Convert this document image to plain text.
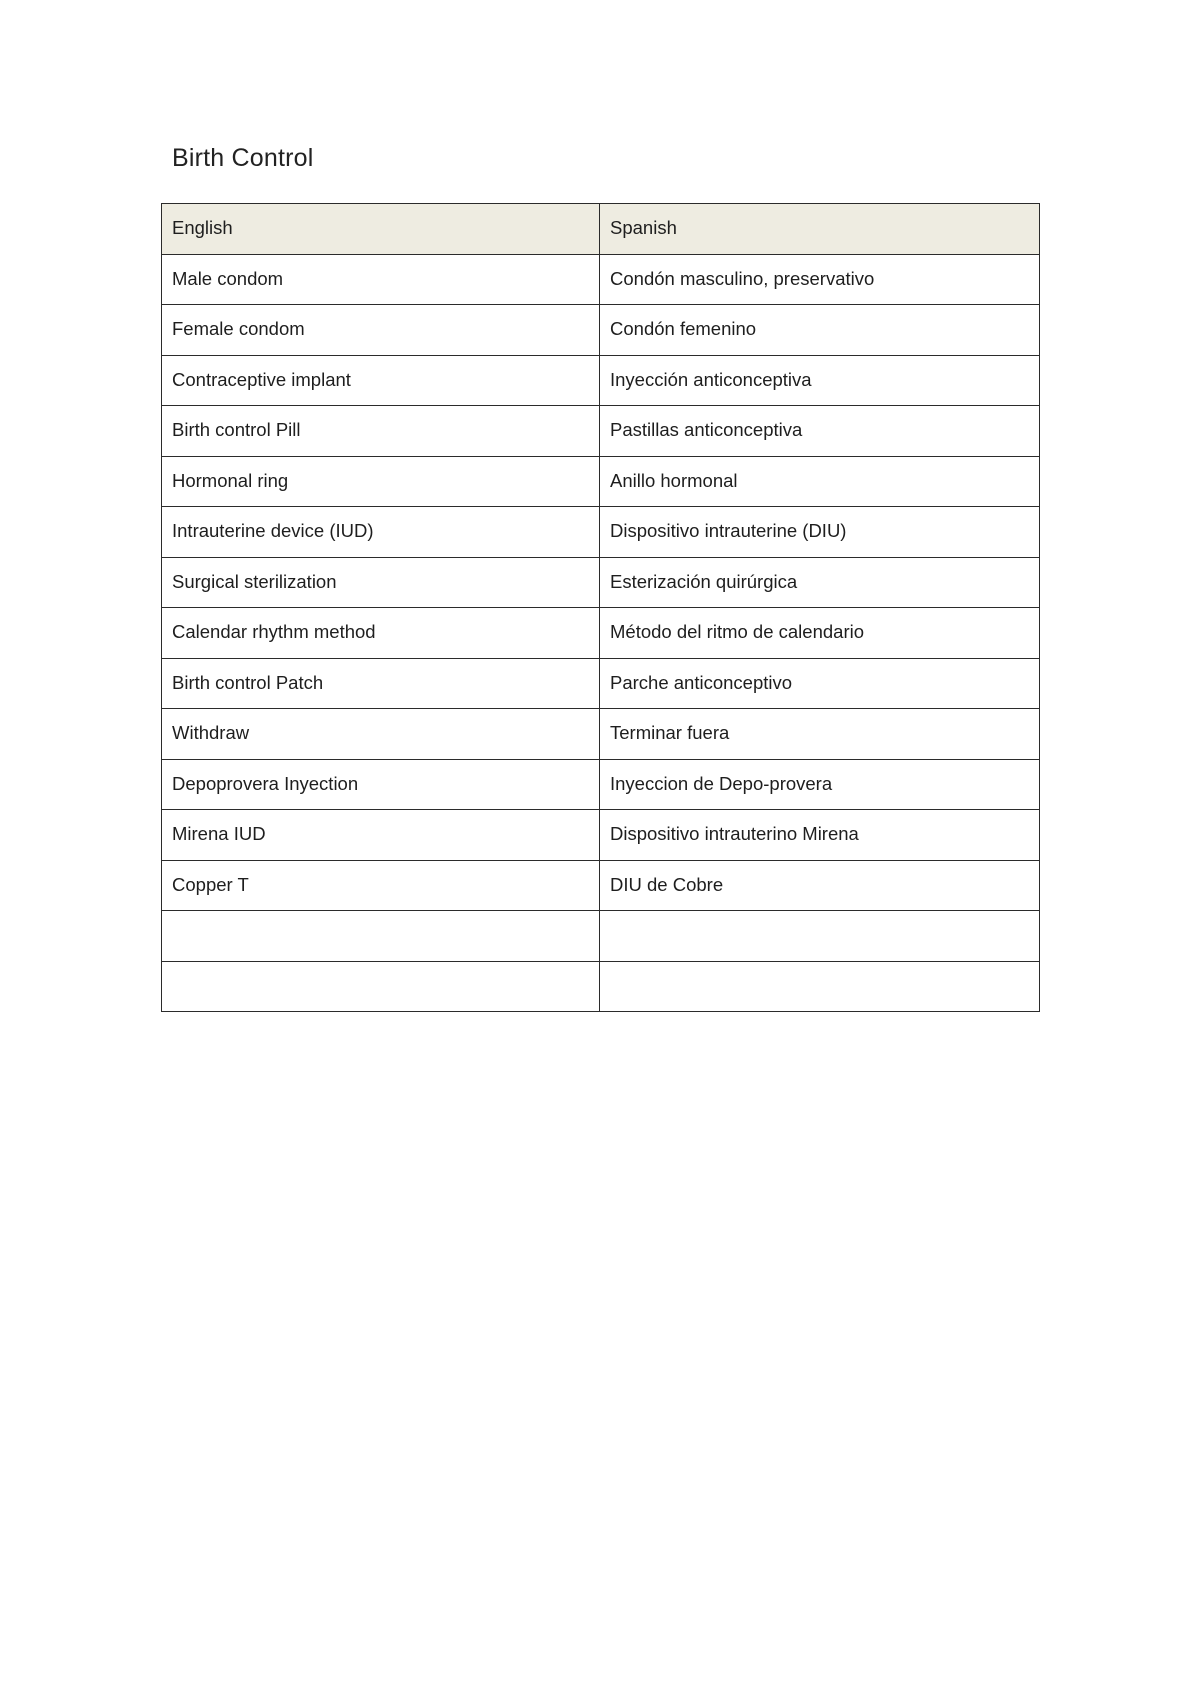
Birth Control
English	Spanish
Male condom	Condón masculino, preservativo
Female condom	Condón femenino
Contraceptive implant	Inyección anticonceptiva
Birth control Pill	Pastillas anticonceptiva
Hormonal ring	Anillo hormonal
Intrauterine device (IUD)	Dispositivo intrauterine (DIU)
Surgical sterilization	Esterización quirúrgica
Calendar rhythm method	Método del ritmo de calendario
Birth control Patch	Parche anticonceptivo
Withdraw	Terminar fuera
Depoprovera Inyection	Inyeccion de Depo-provera
Mirena IUD	Dispositivo intrauterino Mirena
Copper T	DIU de Cobre
